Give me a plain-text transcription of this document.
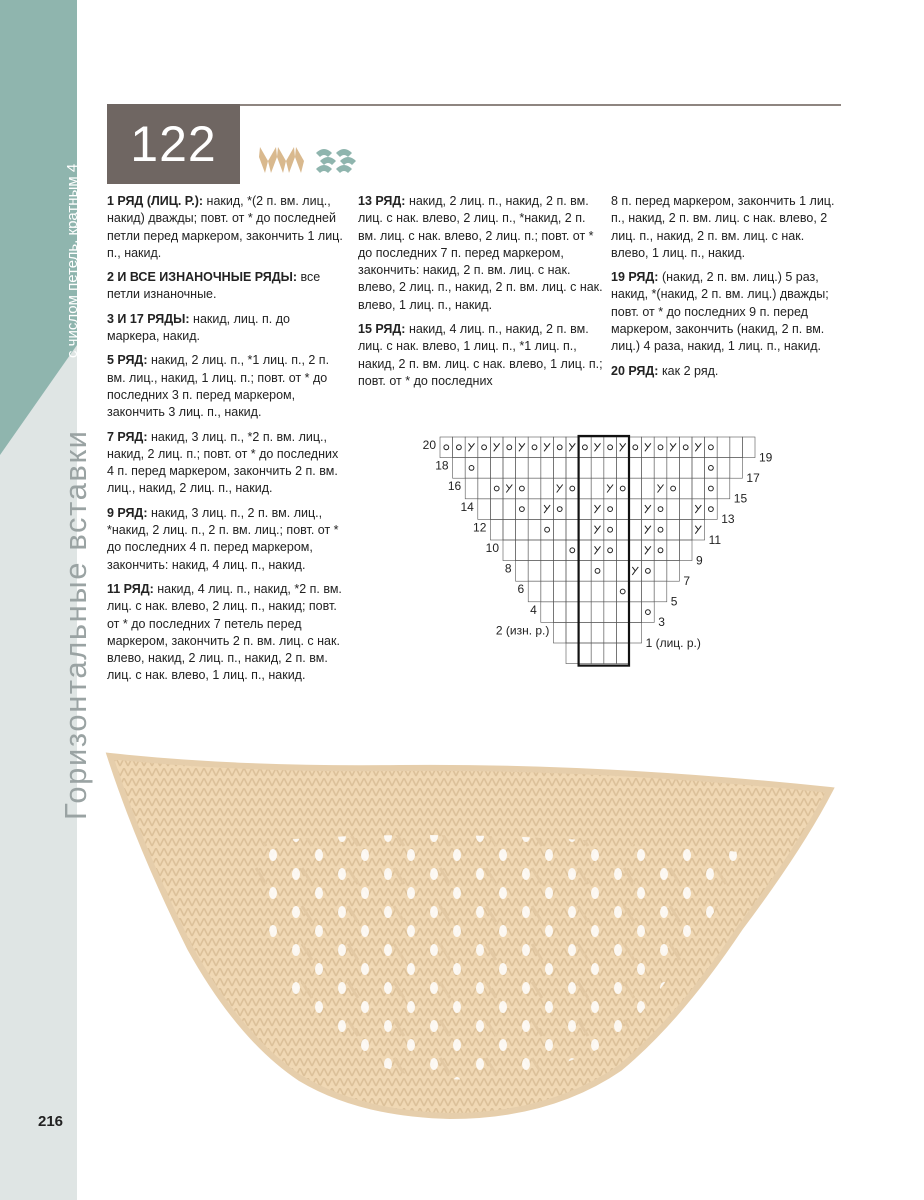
с числом петель, кратным 4
Горизонтальные вставки
216
122

1 РЯД (ЛИЦ. Р.): накид, *(2 п. вм. лиц., накид) дважды; повт. от * до последней петли перед маркером, закончить 1 лиц. п., накид.

2 И ВСЕ ИЗНАНОЧНЫЕ РЯДЫ: все петли изнаночные.

3 И 17 РЯДЫ: накид, лиц. п. до маркера, накид.

5 РЯД: накид, 2 лиц. п., *1 лиц. п., 2 п. вм. лиц., накид, 1 лиц. п.; повт. от * до последних 3 п. перед маркером, закончить 3 лиц. п., накид.

7 РЯД: накид, 3 лиц. п., *2 п. вм. лиц., накид, 2 лиц. п.; повт. от * до последних 4 п. перед маркером, закончить 2 п. вм. лиц., накид, 2 лиц. п., накид.

9 РЯД: накид, 3 лиц. п., 2 п. вм. лиц., *накид, 2 лиц. п., 2 п. вм. лиц.; повт. от * до последних 4 п. перед маркером, закончить: накид, 4 лиц. п., накид.

11 РЯД: накид, 4 лиц. п., накид, *2 п. вм. лиц. с нак. влево, 2 лиц. п., накид; повт. от * до последних 7 петель перед маркером, закончить 2 п. вм. лиц. с нак. влево, накид, 2 лиц. п., накид, 2 п. вм. лиц. с нак. влево, 1 лиц. п., накид.

13 РЯД: накид, 2 лиц. п., накид, 2 п. вм. лиц. с нак. влево, 2 лиц. п., *накид, 2 п. вм. лиц. с нак. влево, 2 лиц. п.; повт. от * до последних 7 п. перед маркером, закончить: накид, 2 п. вм. лиц. с нак. влево, 2 лиц. п., накид, 2 п. вм. лиц. с нак. влево, 1 лиц. п., накид.

15 РЯД: накид, 4 лиц. п., накид, 2 п. вм. лиц. с нак. влево, 1 лиц. п., *1 лиц. п., накид, 2 п. вм. лиц. с нак. влево, 1 лиц. п.; повт. от * до последних

8 п. перед маркером, закончить 1 лиц. п., накид, 2 п. вм. лиц. с нак. влево, 2 лиц. п., накид, 2 п. вм. лиц. с нак. влево, 1 лиц. п., накид.

19 РЯД: (накид, 2 п. вм. лиц.) 5 раз, накид, *(накид, 2 п. вм. лиц.) дважды; повт. от * до последних 9 п. перед маркером, закончить (накид, 2 п. вм. лиц.) 4 раза, накид, 1 лиц. п., накид.

20 РЯД: как 2 ряд.

20
18
16
14
12
10
8
6
4
2 (изн. р.)
19
17
15
13
11
9
7
5
3
1 (лиц. р.)
